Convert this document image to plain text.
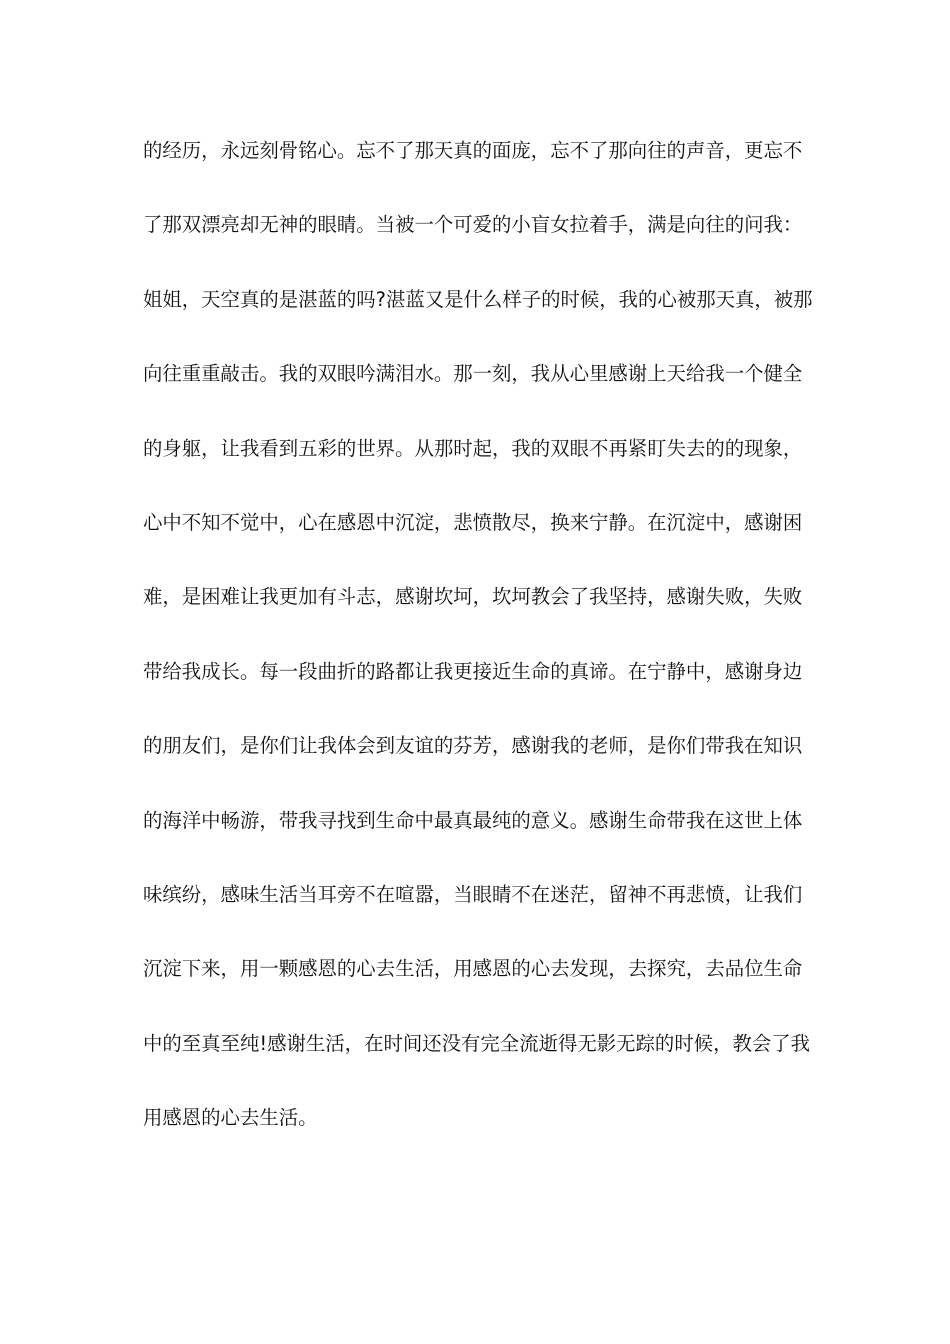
的经历，永远刻骨铭心。忘不了那天真的面庞，忘不了那向往的声音，更忘不
了那双漂亮却无神的眼睛。当被一个可爱的小盲女拉着手，满是向往的问我：
姐姐，天空真的是湛蓝的吗?湛蓝又是什么样子的时候，我的心被那天真，被那
向往重重敲击。我的双眼吟满泪水。那一刻，我从心里感谢上天给我一个健全
的身躯，让我看到五彩的世界。从那时起，我的双眼不再紧盯失去的的现象，
心中不知不觉中，心在感恩中沉淀，悲愤散尽，换来宁静。在沉淀中，感谢困
难，是困难让我更加有斗志，感谢坎坷，坎坷教会了我坚持，感谢失败，失败
带给我成长。每一段曲折的路都让我更接近生命的真谛。在宁静中，感谢身边
的朋友们，是你们让我体会到友谊的芬芳，感谢我的老师，是你们带我在知识
的海洋中畅游，带我寻找到生命中最真最纯的意义。感谢生命带我在这世上体
味缤纷，感味生活当耳旁不在喧嚣，当眼睛不在迷茫，留神不再悲愤，让我们
沉淀下来，用一颗感恩的心去生活，用感恩的心去发现，去探究，去品位生命
中的至真至纯!感谢生活，在时间还没有完全流逝得无影无踪的时候，教会了我
用感恩的心去生活。
